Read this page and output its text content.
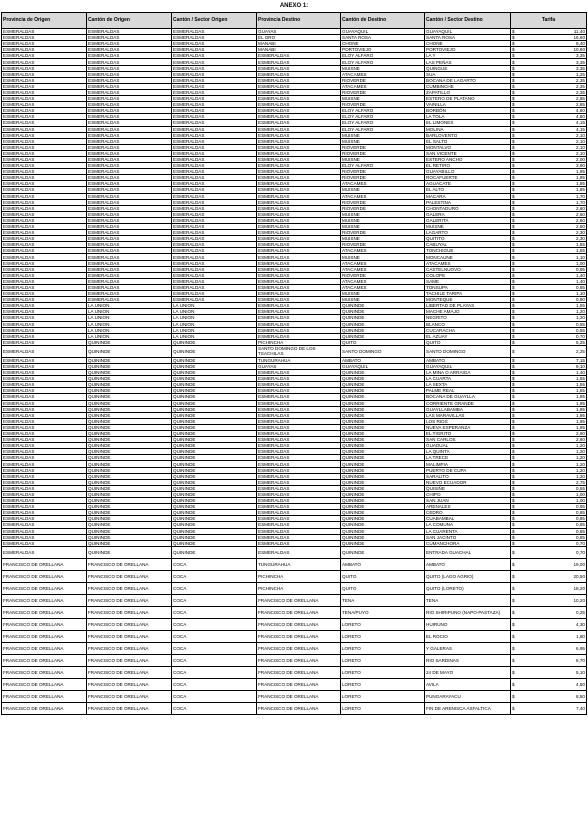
ANEXO 1:
Provincia de Origen	Cantón de Origen	Cantón / Sector Origen	Provincia Destino	Cantón de Destino	Cantón / Sector Destino	Tarifa
ESMERALDAS	ESMERALDAS	ESMERALDAS	GUAYAS	GUAYAQUIL	GUAYAQUIL	$ 11,40

ESMERALDAS	ESMERALDAS	ESMERALDAS	EL ORO	SANTA ROSA	SANTA ROSA	$ 16,60

ESMERALDAS	ESMERALDAS	ESMERALDAS	MANABI	CHONE	CHONE	$ 8,40

ESMERALDAS	ESMERALDAS	ESMERALDAS	MANABI	PORTOVIEJO	PORTOVIEJO	$ 10,60

ESMERALDAS	ESMERALDAS	ESMERALDAS	ESMERALDAS	ELOY ALFARO	LA Y	$ 3,35

ESMERALDAS	ESMERALDAS	ESMERALDAS	ESMERALDAS	ELOY ALFARO	LAS PEÑAS	$ 3,35

ESMERALDAS	ESMERALDAS	ESMERALDAS	ESMERALDAS	MUISNE	QUINGUE	$ 3,35

ESMERALDAS	ESMERALDAS	ESMERALDAS	ESMERALDAS	ATACAMES	SUA	$ 1,25

ESMERALDAS	ESMERALDAS	ESMERALDAS	ESMERALDAS	RIOVERDE	BOCANA DE LAGARTO	$ 2,35

ESMERALDAS	ESMERALDAS	ESMERALDAS	ESMERALDAS	ATACAMES	CUMBINCHE	$ 2,35

ESMERALDAS	ESMERALDAS	ESMERALDAS	ESMERALDAS	RIOVERDE	ZAPATILLO	$ 2,35

ESMERALDAS	ESMERALDAS	ESMERALDAS	ESMERALDAS	MUISNE	ESTERO DE PLATANO	$ 2,85

ESMERALDAS	ESMERALDAS	ESMERALDAS	ESMERALDAS	RIOVERDE	VAINILLA	$ 2,85

ESMERALDAS	ESMERALDAS	ESMERALDAS	ESMERALDAS	ELOY ALFARO	BORBÓN	$ 4,80

ESMERALDAS	ESMERALDAS	ESMERALDAS	ESMERALDAS	ELOY ALFARO	LA TOLA	$ 4,80

ESMERALDAS	ESMERALDAS	ESMERALDAS	ESMERALDAS	ELOY ALFARO	EL LIMONES	$ 4,15

ESMERALDAS	ESMERALDAS	ESMERALDAS	ESMERALDAS	ELOY ALFARO	MOLINA	$ 4,15

ESMERALDAS	ESMERALDAS	ESMERALDAS	ESMERALDAS	MUISNE	BARLOVENTO	$ 2,10

ESMERALDAS	ESMERALDAS	ESMERALDAS	ESMERALDAS	MUISNE	EL SALTO	$ 2,10

ESMERALDAS	ESMERALDAS	ESMERALDAS	ESMERALDAS	RIOVERDE	MONTALVO	$ 2,10

ESMERALDAS	ESMERALDAS	ESMERALDAS	ESMERALDAS	RIOVERDE	SAN VICENTE	$ 2,10

ESMERALDAS	ESMERALDAS	ESMERALDAS	ESMERALDAS	MUISNE	ESTERO ANCHO	$ 2,00

ESMERALDAS	ESMERALDAS	ESMERALDAS	ESMERALDAS	ELOY ALFARO	EL RETIRO	$ 3,90

ESMERALDAS	ESMERALDAS	ESMERALDAS	ESMERALDAS	RIOVERDE	GUAYABILLO	$ 1,95

ESMERALDAS	ESMERALDAS	ESMERALDAS	ESMERALDAS	RIOVERDE	ROCAFUERTE	$ 1,95

ESMERALDAS	ESMERALDAS	ESMERALDAS	ESMERALDAS	ATACAMES	AGUACATE	$ 1,85

ESMERALDAS	ESMERALDAS	ESMERALDAS	ESMERALDAS	MUISNE	EL ALTO	$ 1,85

ESMERALDAS	ESMERALDAS	ESMERALDAS	ESMERALDAS	ATACAMES	MACARA	$ 1,70

ESMERALDAS	ESMERALDAS	ESMERALDAS	ESMERALDAS	RIOVERDE	PALESTINA	$ 1,70

ESMERALDAS	ESMERALDAS	ESMERALDAS	ESMERALDAS	RIOVERDE	CHONTADURO	$ 2,60

ESMERALDAS	ESMERALDAS	ESMERALDAS	ESMERALDAS	MUISNE	GALERA	$ 2,60

ESMERALDAS	ESMERALDAS	ESMERALDAS	ESMERALDAS	MUISNE	GALERITA	$ 2,60

ESMERALDAS	ESMERALDAS	ESMERALDAS	ESMERALDAS	MUISNE	MUISNE	$ 2,60

ESMERALDAS	ESMERALDAS	ESMERALDAS	ESMERALDAS	RIOVERDE	LAGARTO	$ 2,30

ESMERALDAS	ESMERALDAS	ESMERALDAS	ESMERALDAS	MUISNE	QUITITO	$ 2,30

ESMERALDAS	ESMERALDAS	ESMERALDAS	ESMERALDAS	RIOVERDE	CABUYAL	$ 1,55

ESMERALDAS	ESMERALDAS	ESMERALDAS	ESMERALDAS	ATACAMES	TONCHIGUE	$ 1,55

ESMERALDAS	ESMERALDAS	ESMERALDAS	ESMERALDAS	MUISNE	MONCAUNE	$ 1,10

ESMERALDAS	ESMERALDAS	ESMERALDAS	ESMERALDAS	ATACAMES	ATACAMES	$ 1,00

ESMERALDAS	ESMERALDAS	ESMERALDAS	ESMERALDAS	ATACAMES	CASTELNUOVO	$ 0,95

ESMERALDAS	ESMERALDAS	ESMERALDAS	ESMERALDAS	RIOVERDE	COLOPE	$ 1,40

ESMERALDAS	ESMERALDAS	ESMERALDAS	ESMERALDAS	ATACAMES	SAME	$ 1,40

ESMERALDAS	ESMERALDAS	ESMERALDAS	ESMERALDAS	ATACAMES	TONSUPA	$ 0,85

ESMERALDAS	ESMERALDAS	ESMERALDAS	ESMERALDAS	MUISNE	TACHILE TARIPA	$ 1,10

ESMERALDAS	ESMERALDAS	ESMERALDAS	ESMERALDAS	MUISNE	MONTEQUE	$ 0,90

ESMERALDAS	LA UNION	LA UNION	ESMERALDAS	QUININDE	LIBERTAD DE PLAYAS	$ 1,55

ESMERALDAS	LA UNION	LA UNION	ESMERALDAS	QUININDE	MACHE AMAJO	$ 1,20

ESMERALDAS	LA UNION	LA UNION	ESMERALDAS	QUININDE	NEGRITO	$ 1,20

ESMERALDAS	LA UNION	LA UNION	ESMERALDAS	QUININDE	BLANCO	$ 0,55

ESMERALDAS	LA UNION	LA UNION	ESMERALDAS	QUININDE	CUCARACHA	$ 0,55

ESMERALDAS	LA UNION	LA UNION	ESMERALDAS	QUININDE	EL AZUAY	$ 0,70

ESMERALDAS	QUININDE	QUININDE	PICHINCHA	QUITO	QUITO	$ 5,25

ESMERALDAS	QUININDE	QUININDE	SANTO DOMINGO DE LOS TSACHILAS	SANTO DOMINGO	SANTO DOMINGO	$ 2,25

ESMERALDAS	QUININDE	QUININDE	TUNGURAHUA	AMBATO	AMBATO	$ 7,15

ESMERALDAS	QUININDE	QUININDE	GUAYAS	GUAYAQUIL	GUAYAQUIL	$ 9,10

ESMERALDAS	QUININDE	QUININDE	ESMERALDAS	QUININDE	LA MINA O ARRAIGA	$ 1,40

ESMERALDAS	QUININDE	QUININDE	ESMERALDAS	QUININDE	LA CUARTA	$ 1,55

ESMERALDAS	QUININDE	QUININDE	ESMERALDAS	QUININDE	LA SEXTA	$ 1,55

ESMERALDAS	QUININDE	QUININDE	ESMERALDAS	QUININDE	PALME REAL	$ 1,55

ESMERALDAS	QUININDE	QUININDE	ESMERALDAS	QUININDE	BOCANA DE GUAYLLA	$ 1,95

ESMERALDAS	QUININDE	QUININDE	ESMERALDAS	QUININDE	CORRIENTE GRANDE	$ 1,95

ESMERALDAS	QUININDE	QUININDE	ESMERALDAS	QUININDE	GUAYLLABAMBA	$ 1,95

ESMERALDAS	QUININDE	QUININDE	ESMERALDAS	QUININDE	LAS MARAVILLAS	$ 1,95

ESMERALDAS	QUININDE	QUININDE	ESMERALDAS	QUININDE	LOS RIOS	$ 1,95

ESMERALDAS	QUININDE	QUININDE	ESMERALDAS	QUININDE	NUEVA ESPERANZA	$ 1,95

ESMERALDAS	QUININDE	QUININDE	ESMERALDAS	QUININDE	EL TIGRITO	$ 2,60

ESMERALDAS	QUININDE	QUININDE	ESMERALDAS	QUININDE	SAN CARLOS	$ 2,60

ESMERALDAS	QUININDE	QUININDE	ESMERALDAS	QUININDE	GUADUAL	$ 1,20

ESMERALDAS	QUININDE	QUININDE	ESMERALDAS	QUININDE	LA QUINTA	$ 1,20

ESMERALDAS	QUININDE	QUININDE	ESMERALDAS	QUININDE	LA TRECE	$ 1,20

ESMERALDAS	QUININDE	QUININDE	ESMERALDAS	QUININDE	MALIMPIA	$ 1,20

ESMERALDAS	QUININDE	QUININDE	ESMERALDAS	QUININDE	PUERTO DE CUPA	$ 1,20

ESMERALDAS	QUININDE	QUININDE	ESMERALDAS	QUININDE	SARALITO	$ 1,20

ESMERALDAS	QUININDE	QUININDE	ESMERALDAS	QUININDE	NUEVO ECUADOR	$ 2,75

ESMERALDAS	QUININDE	QUININDE	ESMERALDAS	QUININDE	QUISIÑE	$ 0,55

ESMERALDAS	QUININDE	QUININDE	ESMERALDAS	QUININDE	CHIPO	$ 1,00

ESMERALDAS	QUININDE	QUININDE	ESMERALDAS	QUININDE	SAN JUAN	$ 1,00

ESMERALDAS	QUININDE	QUININDE	ESMERALDAS	QUININDE	ARENALES	$ 0,95

ESMERALDAS	QUININDE	QUININDE	ESMERALDAS	QUININDE	CEDRO	$ 0,85

ESMERALDAS	QUININDE	QUININDE	ESMERALDAS	QUININDE	CUABAMBAL	$ 0,85

ESMERALDAS	QUININDE	QUININDE	ESMERALDAS	QUININDE	LA COMUNA	$ 0,85

ESMERALDAS	QUININDE	QUININDE	ESMERALDAS	QUININDE	LA CUARENTA	$ 0,85

ESMERALDAS	QUININDE	QUININDE	ESMERALDAS	QUININDE	SAN JACINTO	$ 0,85

ESMERALDAS	QUININDE	QUININDE	ESMERALDAS	QUININDE	CUMANCHORA	$ 0,70

ESMERALDAS	QUININDE	QUININDE	ESMERALDAS	QUININDE	ENTRADA GUACHAL	$ 0,70

FRANCISCO DE ORELLANA	FRANCISCO DE ORELLANA	COCA	TUNGURAHUA	AMBATO	AMBATO	$ 19,00

FRANCISCO DE ORELLANA	FRANCISCO DE ORELLANA	COCA	PICHINCHA	QUITO	QUITO (LAGO AGRIO)	$ 20,50

FRANCISCO DE ORELLANA	FRANCISCO DE ORELLANA	COCA	PICHINCHA	QUITO	QUITO (LORETO)	$ 18,20

FRANCISCO DE ORELLANA	FRANCISCO DE ORELLANA	COCA	FRANCISCO DE ORELLANA	TENA	TENA	$ 10,20

FRANCISCO DE ORELLANA	FRANCISCO DE ORELLANA	COCA	FRANCISCO DE ORELLANA	TENA/PUYO	RIO SHIRIPUNO (NAPO-PASTAZA)	$ 0,25

FRANCISCO DE ORELLANA	FRANCISCO DE ORELLANA	COCA	FRANCISCO DE ORELLANA	LORETO	HUIRUNO	$ 4,30

FRANCISCO DE ORELLANA	FRANCISCO DE ORELLANA	COCA	FRANCISCO DE ORELLANA	LORETO	EL ROCIO	$ 1,80

FRANCISCO DE ORELLANA	FRANCISCO DE ORELLANA	COCA	FRANCISCO DE ORELLANA	LORETO	Y GALERAS	$ 6,95

FRANCISCO DE ORELLANA	FRANCISCO DE ORELLANA	COCA	FRANCISCO DE ORELLANA	LORETO	RIO SARDINAS	$ 8,70

FRANCISCO DE ORELLANA	FRANCISCO DE ORELLANA	COCA	FRANCISCO DE ORELLANA	LORETO	24 DE MAYO	$ 5,10

FRANCISCO DE ORELLANA	FRANCISCO DE ORELLANA	COCA	FRANCISCO DE ORELLANA	LORETO	AVILA	$ 4,50

FRANCISCO DE ORELLANA	FRANCISCO DE ORELLANA	COCA	FRANCISCO DE ORELLANA	LORETO	PUNGARAYACU	$ 8,50

FRANCISCO DE ORELLANA	FRANCISCO DE ORELLANA	COCA	FRANCISCO DE ORELLANA	LORETO	FIN DE ARENISCA ASFALTICA	$ 7,40
